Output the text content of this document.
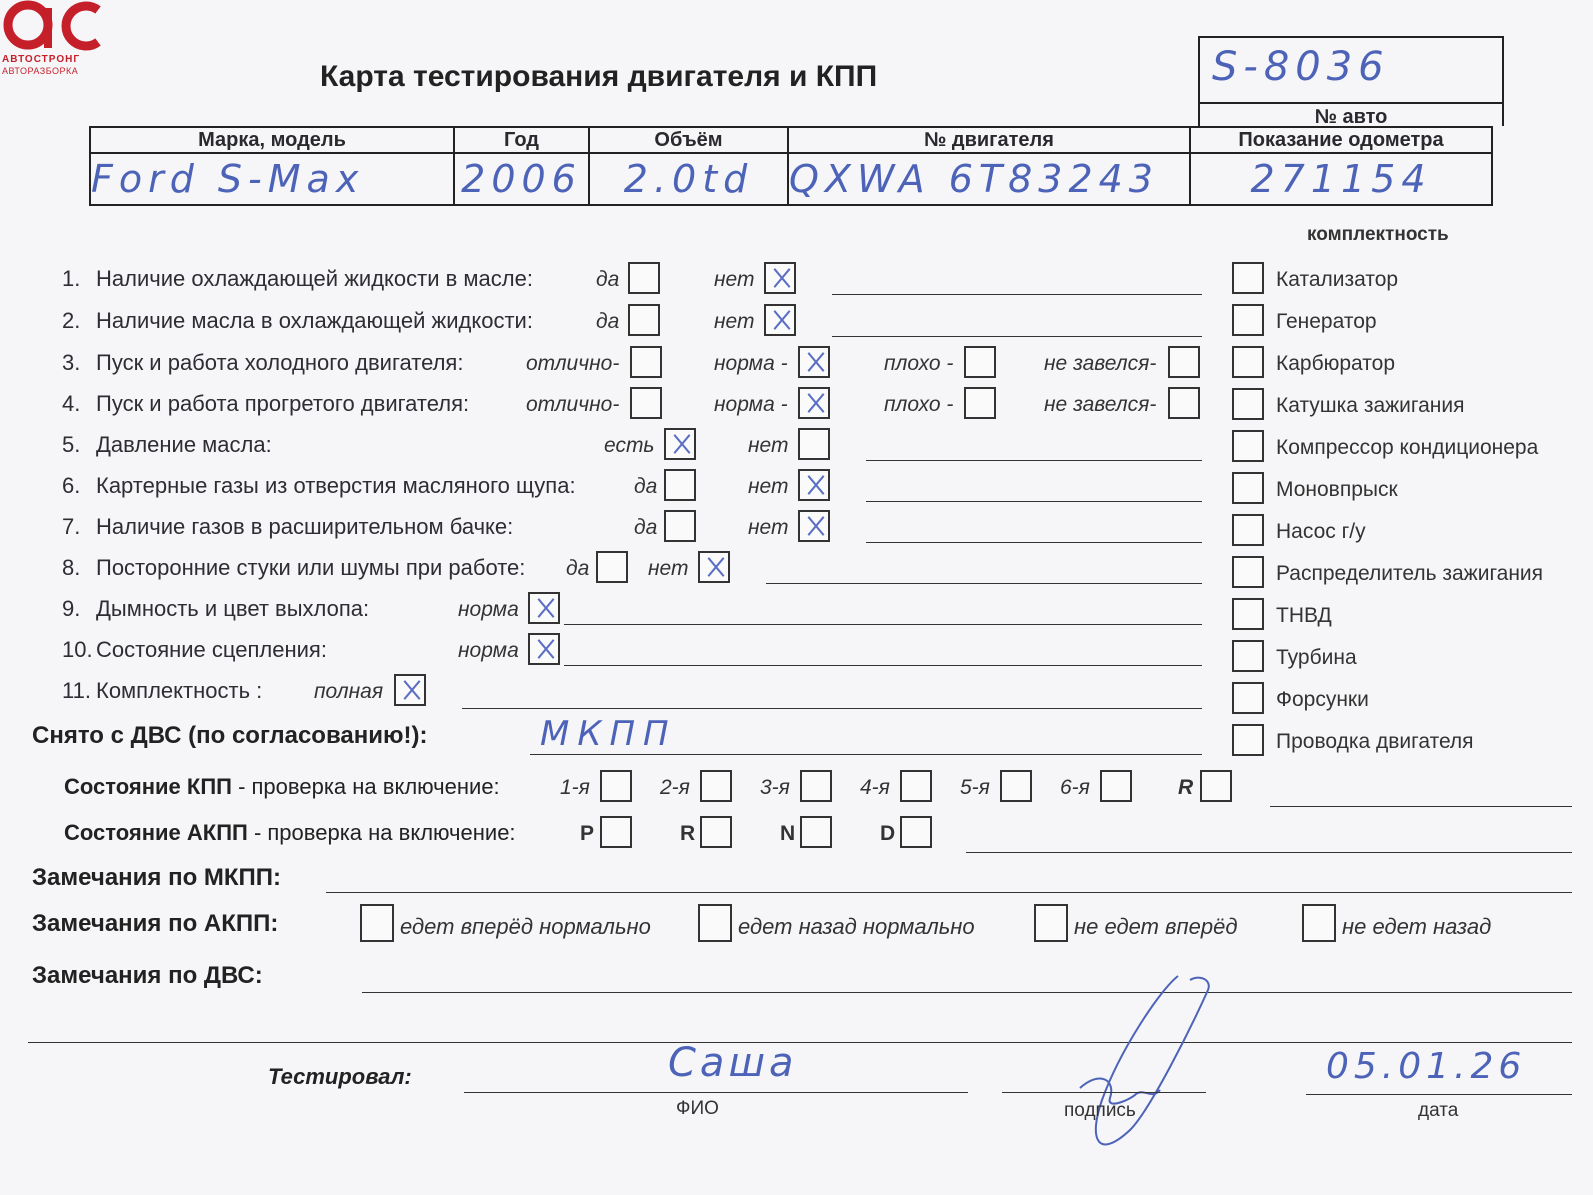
АВТОСТРОНГ
АВТОРАЗБОРКА	Карта тестирования двигателя и КПП	S-8036
№ авто
Марка, модель	Год	Объём	№ двигателя	Показание одометра
Ford S-Max	2006	2.0td	QXWA 6T83243	271154
комплектность
Катализатор
Генератор
Карбюратор
Катушка зажигания
Компрессор кондиционера
Моновпрыск
Насос г/у
Распределитель зажигания
ТНВД
Турбина
Форсунки
Проводка двигателя
1. Наличие охлаждающей жидкости в масле:	да	нет
2. Наличие масла в охлаждающей жидкости:	да	нет
3. Пуск и работа холодного двигателя:	отлично-	норма -	плохо -	не завелся-
4. Пуск и работа прогретого двигателя:	отлично-	норма -	плохо -	не завелся-
5. Давление масла:	есть	нет
6. Картерные газы из отверстия масляного щупа:	да	нет
7. Наличие газов в расширительном бачке:	да	нет
8. Посторонние стуки или шумы при работе: да	нет
9. Дымность и цвет выхлопа:	норма
10. Состояние сцепления:	норма
11. Комплектность : полная
Снято с ДВС (по согласованию!):	МКПП
Состояние КПП - проверка на включение:	1-я	2-я	3-я	4-я	5-я	6-я	R
Состояние АКПП - проверка на включение:	P	R	N	D
Замечания по МКПП:
Замечания по АКПП:	едет вперёд нормально	едет назад нормально	не едет вперёд	не едет назад
Замечания по ДВС:
Тестировал:	Саша
ФИО	подпись
05.01.26
дата
